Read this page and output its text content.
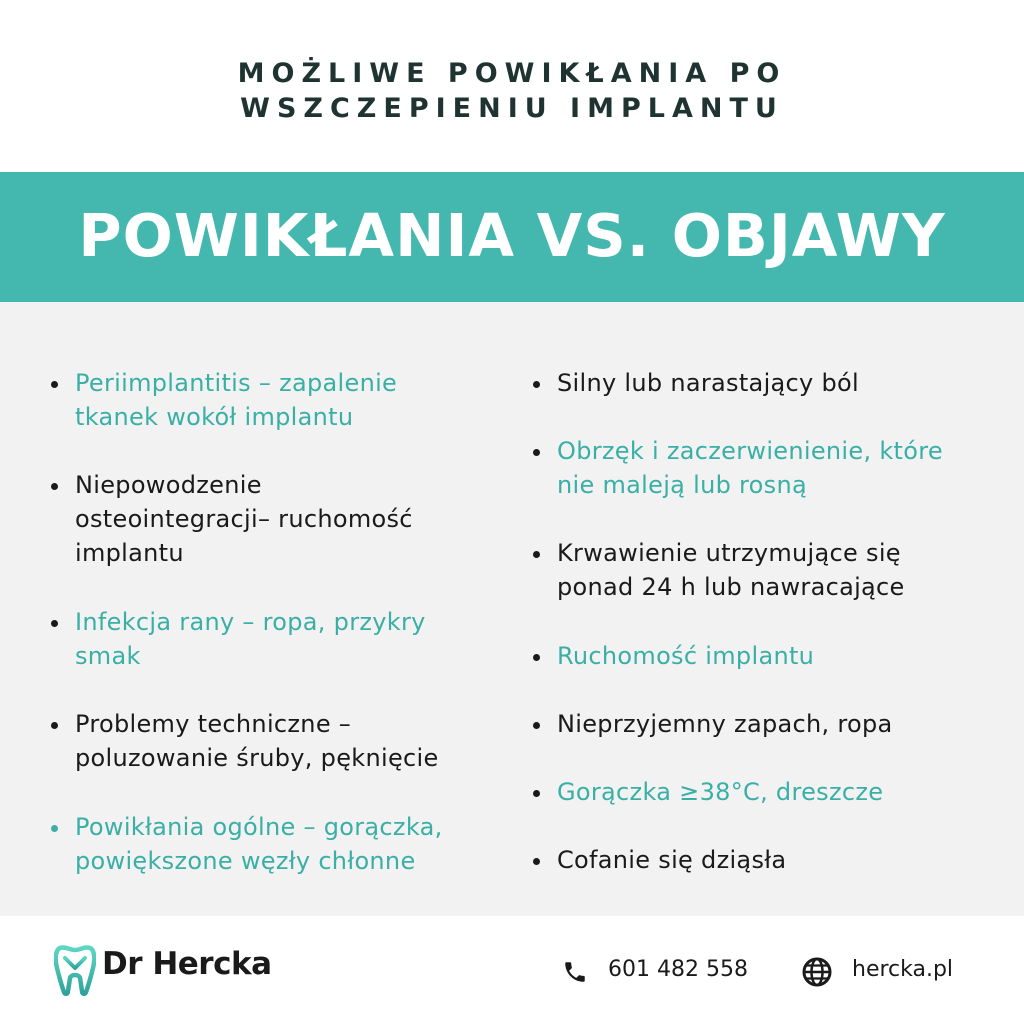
MOŻLIWE POWIKŁANIA PO
WSZCZEPIENIU IMPLANTU
POWIKŁANIA VS. OBJAWY
Periimplantitis – zapalenie
tkanek wokół implantu
Niepowodzenie
osteointegracji– ruchomość
implantu
Infekcja rany – ropa, przykry
smak
Problemy techniczne –
poluzowanie śruby, pęknięcie
Powikłania ogólne – gorączka,
powiększone węzły chłonne
Silny lub narastający ból
Obrzęk i zaczerwienienie, które
nie maleją lub rosną
Krwawienie utrzymujące się
ponad 24 h lub nawracające
Ruchomość implantu
Nieprzyjemny zapach, ropa
Gorączka ≥38°C, dreszcze
Cofanie się dziąsła
Dr Hercka	601 482 558	hercka.pl
